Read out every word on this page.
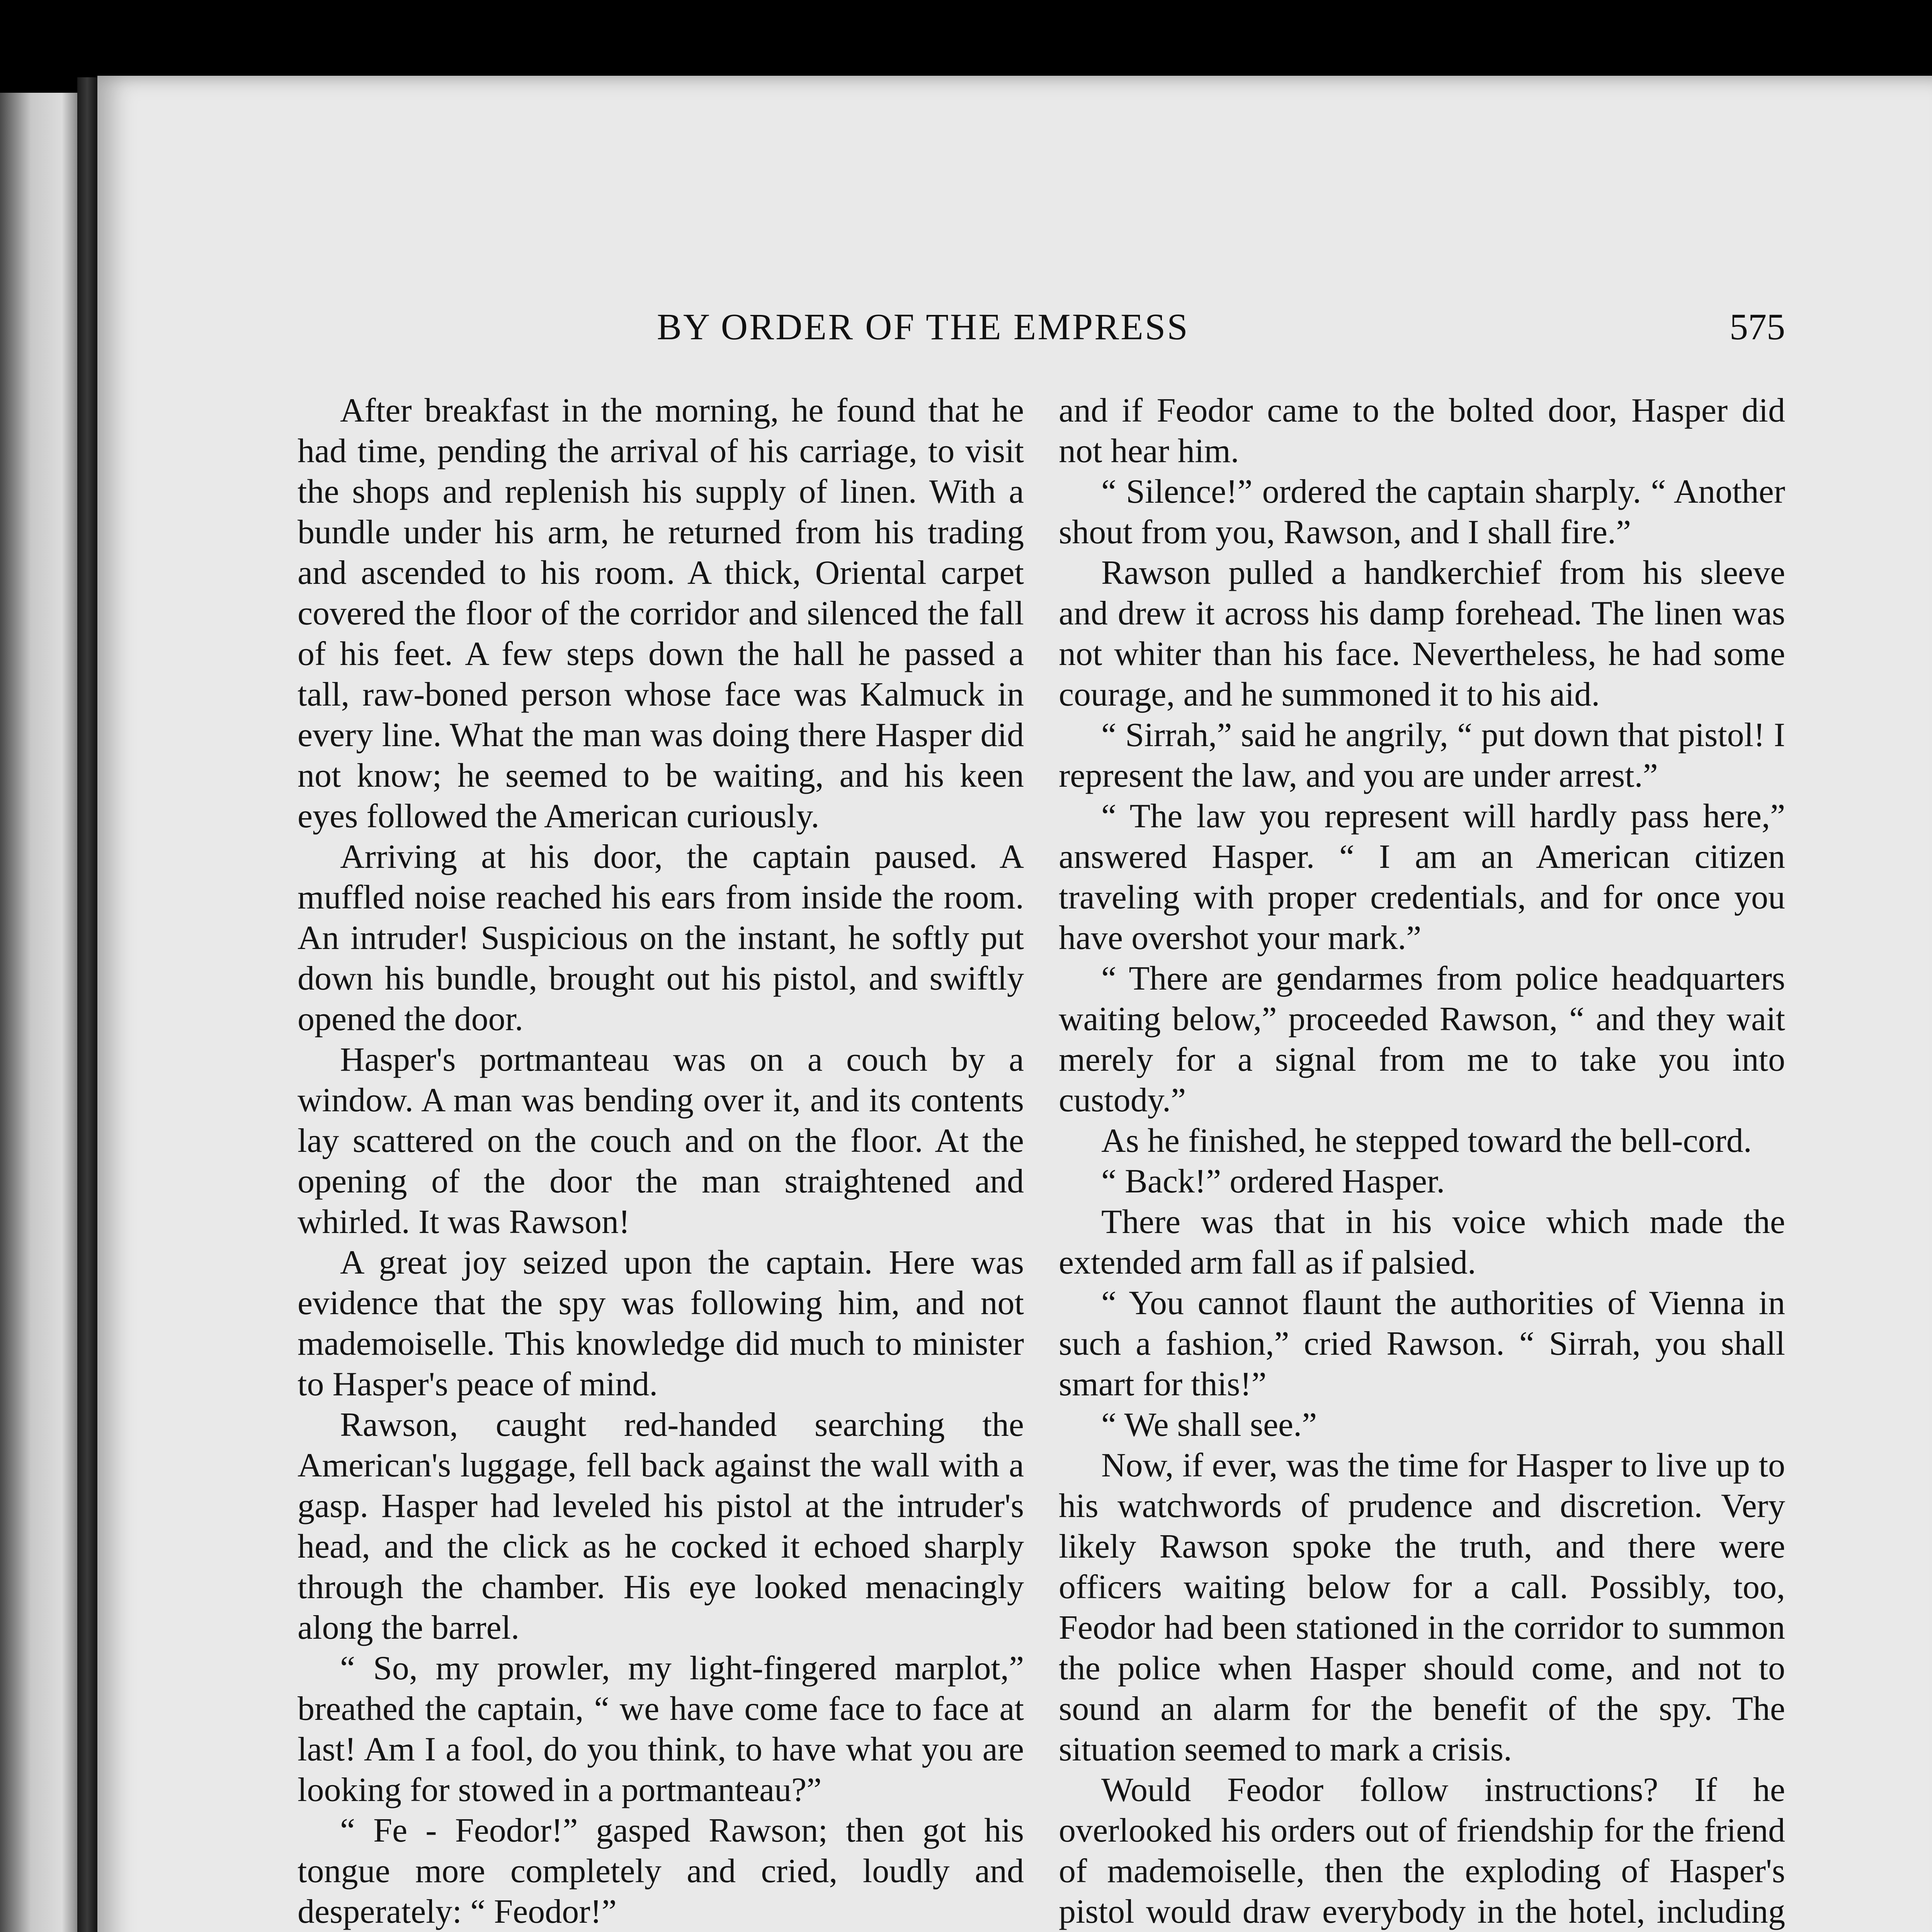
BY ORDER OF THE EMPRESS	575

After breakfast in the morning, he found that he had time, pending the arrival of his carriage, to visit the shops and replenish his supply of linen. With a bundle under his arm, he returned from his trading and ascended to his room. A thick, Oriental carpet covered the floor of the corridor and silenced the fall of his feet. A few steps down the hall he passed a tall, raw-boned person whose face was Kalmuck in every line. What the man was doing there Hasper did not know; he seemed to be waiting, and his keen eyes followed the American curiously.

Arriving at his door, the captain paused. A muffled noise reached his ears from inside the room. An intruder! Suspicious on the instant, he softly put down his bundle, brought out his pistol, and swiftly opened the door.

Hasper's portmanteau was on a couch by a window. A man was bending over it, and its contents lay scattered on the couch and on the floor. At the opening of the door the man straightened and whirled. It was Rawson!

A great joy seized upon the captain. Here was evidence that the spy was following him, and not mademoiselle. This knowledge did much to minister to Hasper's peace of mind.

Rawson, caught red-handed searching the American's luggage, fell back against the wall with a gasp. Hasper had leveled his pistol at the intruder's head, and the click as he cocked it echoed sharply through the chamber. His eye looked menacingly along the barrel.

“ So, my prowler, my light-fingered marplot,” breathed the captain, “ we have come face to face at last! Am I a fool, do you think, to have what you are looking for stowed in a portmanteau?”

“ Fe - Feodor!” gasped Rawson; then got his tongue more completely and cried, loudly and desperately: “ Feodor!”

and if Feodor came to the bolted door, Hasper did not hear him.

“ Silence!” ordered the captain sharply. “ Another shout from you, Rawson, and I shall fire.”

Rawson pulled a handkerchief from his sleeve and drew it across his damp forehead. The linen was not whiter than his face. Nevertheless, he had some courage, and he summoned it to his aid.

“ Sirrah,” said he angrily, “ put down that pistol! I represent the law, and you are under arrest.”

“ The law you represent will hardly pass here,” answered Hasper. “ I am an American citizen traveling with proper credentials, and for once you have overshot your mark.”

“ There are gendarmes from police headquarters waiting below,” proceeded Rawson, “ and they wait merely for a signal from me to take you into custody.”

As he finished, he stepped toward the bell-cord.

“ Back!” ordered Hasper.

There was that in his voice which made the extended arm fall as if palsied.

“ You cannot flaunt the authorities of Vienna in such a fashion,” cried Rawson. “ Sirrah, you shall smart for this!”

“ We shall see.”

Now, if ever, was the time for Hasper to live up to his watchwords of prudence and discretion. Very likely Rawson spoke the truth, and there were officers waiting below for a call. Possibly, too, Feodor had been stationed in the corridor to summon the police when Hasper should come, and not to sound an alarm for the benefit of the spy. The situation seemed to mark a crisis.

Would Feodor follow instructions? If he overlooked his orders out of friendship for the friend of mademoiselle, then the exploding of Hasper's pistol would draw everybody in the hotel, including
